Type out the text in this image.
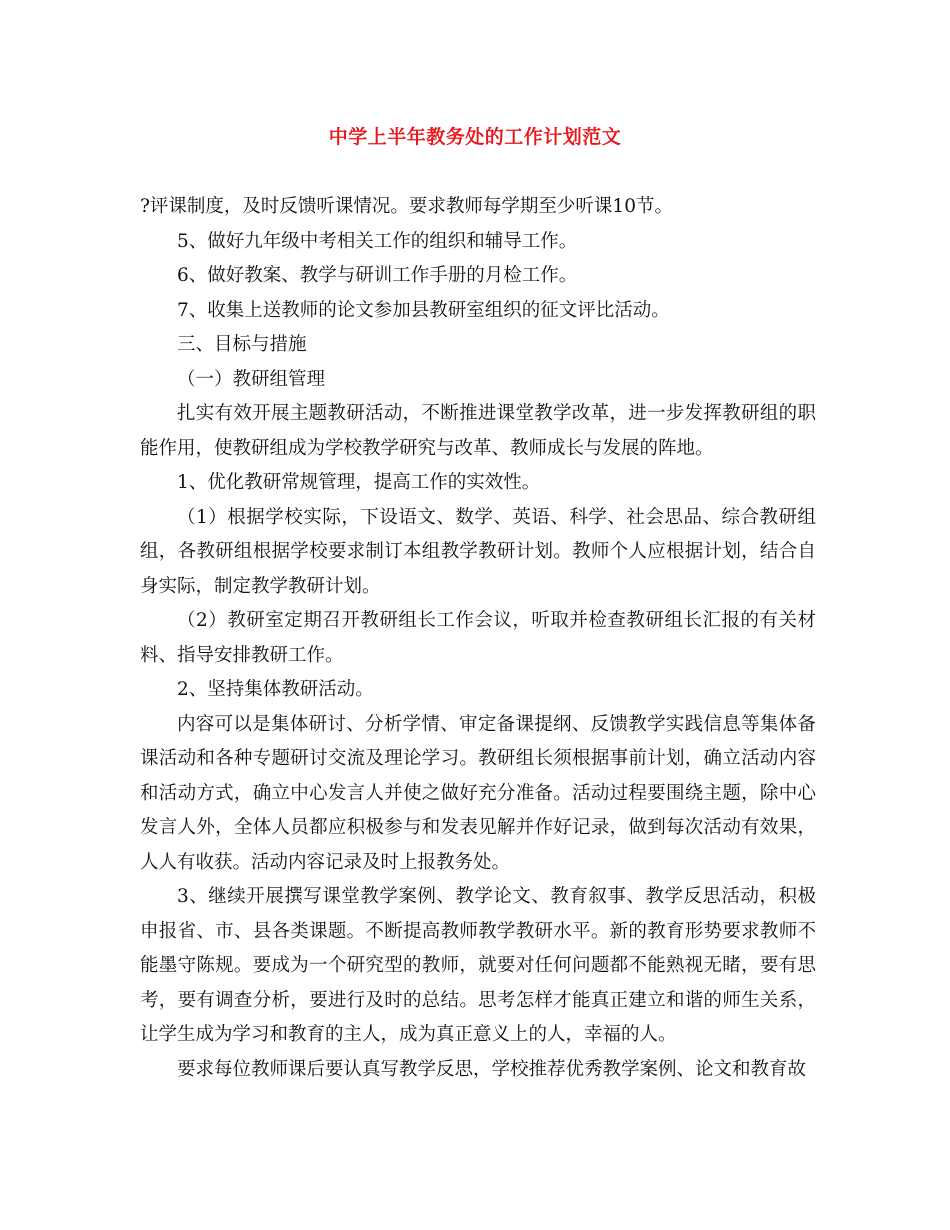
中学上半年教务处的工作计划范文

?评课制度，及时反馈听课情况。要求教师每学期至少听课10节。

5、做好九年级中考相关工作的组织和辅导工作。

6、做好教案、教学与研训工作手册的月检工作。

7、收集上送教师的论文参加县教研室组织的征文评比活动。

三、目标与措施

（一）教研组管理

扎实有效开展主题教研活动，不断推进课堂教学改革，进一步发挥教研组的职能作用，使教研组成为学校教学研究与改革、教师成长与发展的阵地。

1、优化教研常规管理，提高工作的实效性。

（1）根据学校实际，下设语文、数学、英语、科学、社会思品、综合教研组组，各教研组根据学校要求制订本组教学教研计划。教师个人应根据计划，结合自身实际，制定教学教研计划。

（2）教研室定期召开教研组长工作会议，听取并检查教研组长汇报的有关材料、指导安排教研工作。

2、坚持集体教研活动。

内容可以是集体研讨、分析学情、审定备课提纲、反馈教学实践信息等集体备课活动和各种专题研讨交流及理论学习。教研组长须根据事前计划，确立活动内容和活动方式，确立中心发言人并使之做好充分准备。活动过程要围绕主题，除中心发言人外，全体人员都应积极参与和发表见解并作好记录，做到每次活动有效果，人人有收获。活动内容记录及时上报教务处。

3、继续开展撰写课堂教学案例、教学论文、教育叙事、教学反思活动，积极申报省、市、县各类课题。不断提高教师教学教研水平。新的教育形势要求教师不能墨守陈规。要成为一个研究型的教师，就要对任何问题都不能熟视无睹，要有思考，要有调查分析，要进行及时的总结。思考怎样才能真正建立和谐的师生关系，让学生成为学习和教育的主人，成为真正意义上的人，幸福的人。

要求每位教师课后要认真写教学反思，学校推荐优秀教学案例、论文和教育故
